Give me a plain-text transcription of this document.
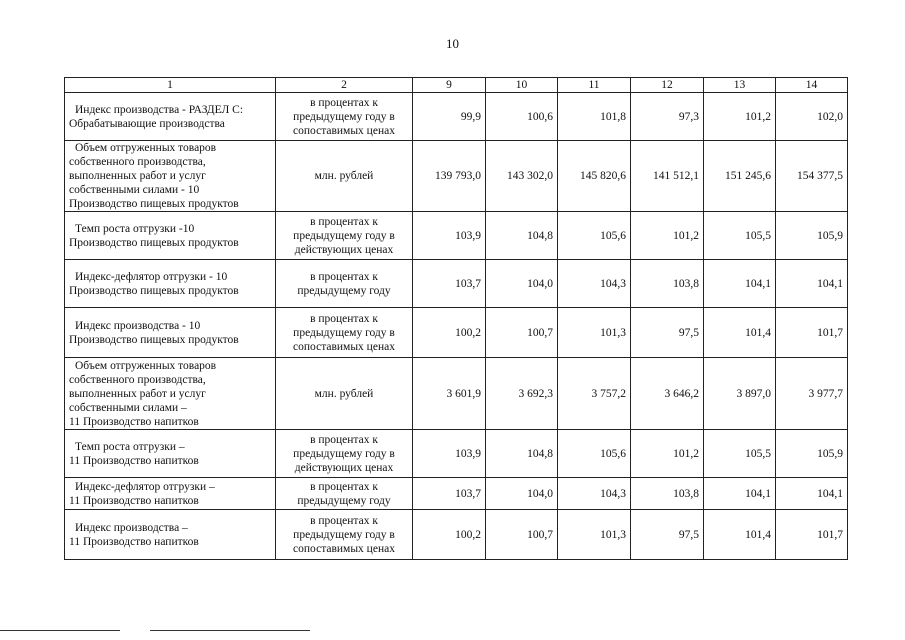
10
1	2	9	10	11	12	13	14

Индекс производства - РАЗДЕЛ С:
Обрабатывающие производства	в процентах к предыдущему году в сопоставимых ценах	99,9	100,6	101,8	97,3	101,2	102,0

Объем отгруженных товаров
собственного производства,
выполненных работ и услуг
собственными силами - 10
Производство пищевых продуктов	млн. рублей	139 793,0	143 302,0	145 820,6	141 512,1	151 245,6	154 377,5

Темп роста отгрузки -10
Производство пищевых продуктов	в процентах к предыдущему году в действующих ценах	103,9	104,8	105,6	101,2	105,5	105,9

Индекс-дефлятор отгрузки - 10
Производство пищевых продуктов	в процентах к предыдущему году	103,7	104,0	104,3	103,8	104,1	104,1

Индекс производства - 10
Производство пищевых продуктов	в процентах к предыдущему году в сопоставимых ценах	100,2	100,7	101,3	97,5	101,4	101,7

Объем отгруженных товаров
собственного производства,
выполненных работ и услуг
собственными силами –
11 Производство напитков	млн. рублей	3 601,9	3 692,3	3 757,2	3 646,2	3 897,0	3 977,7

Темп роста отгрузки –
11 Производство напитков	в процентах к предыдущему году в действующих ценах	103,9	104,8	105,6	101,2	105,5	105,9

Индекс-дефлятор отгрузки –
11 Производство напитков	в процентах к предыдущему году	103,7	104,0	104,3	103,8	104,1	104,1

Индекс производства –
11 Производство напитков	в процентах к предыдущему году в сопоставимых ценах	100,2	100,7	101,3	97,5	101,4	101,7
